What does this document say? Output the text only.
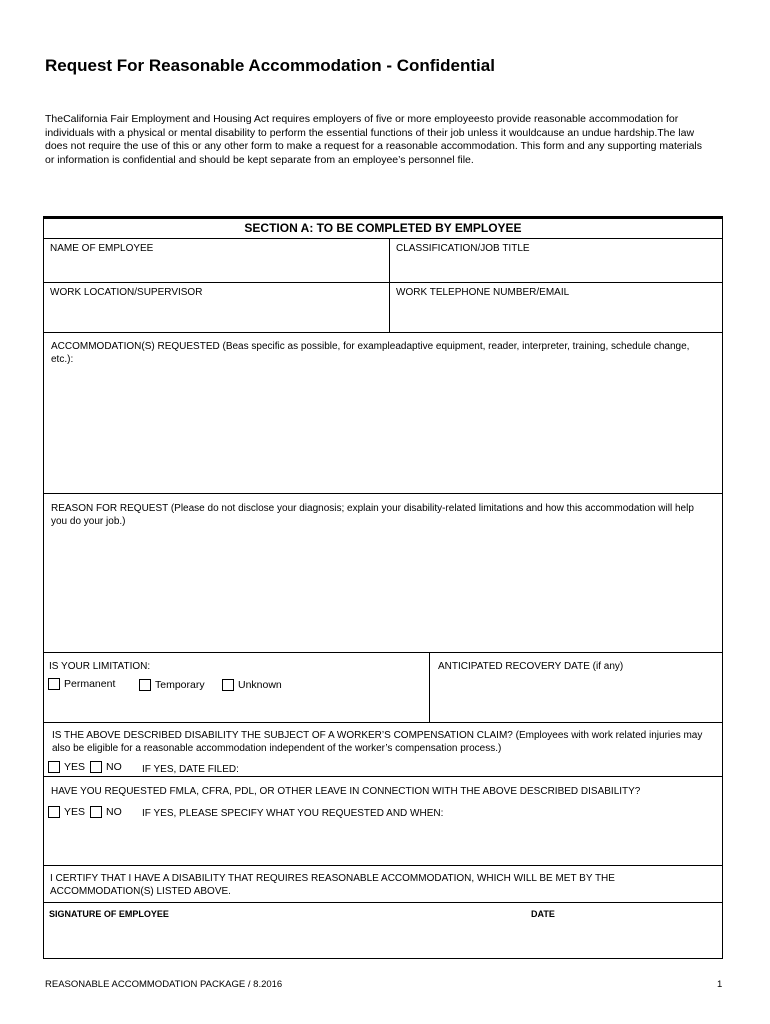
Request For Reasonable Accommodation - Confidential
TheCalifornia Fair Employment and Housing Act requires employers of five or more employeesto provide reasonable accommodation for individuals with a physical or mental disability to perform the essential functions of their job unless it wouldcause an undue hardship.The law does not require the use of this or any other form to make a request for a reasonable accommodation. This form and any supporting materials or information is confidential and should be kept separate from an employee’s personnel file.
SECTION A: TO BE COMPLETED BY EMPLOYEE
NAME OF EMPLOYEE	CLASSIFICATION/JOB TITLE
WORK LOCATION/SUPERVISOR	WORK TELEPHONE NUMBER/EMAIL
ACCOMMODATION(S) REQUESTED (Beas specific as possible, for exampleadaptive equipment, reader, interpreter, training, schedule change, etc.):
REASON FOR REQUEST (Please do not disclose your diagnosis; explain your disability-related limitations and how this accommodation will help you do your job.)
IS YOUR LIMITATION:
Permanent	Temporary	Unknown
ANTICIPATED RECOVERY DATE (if any)
IS THE ABOVE DESCRIBED DISABILITY THE SUBJECT OF A WORKER’S COMPENSATION CLAIM? (Employees with work related injuries may also be eligible for a reasonable accommodation independent of the worker’s compensation process.)
YES NO IF YES, DATE FILED:
HAVE YOU REQUESTED FMLA, CFRA, PDL, OR OTHER LEAVE IN CONNECTION WITH THE ABOVE DESCRIBED DISABILITY?
YES NO IF YES, PLEASE SPECIFY WHAT YOU REQUESTED AND WHEN:
I CERTIFY THAT I HAVE A DISABILITY THAT REQUIRES REASONABLE ACCOMMODATION, WHICH WILL BE MET BY THE ACCOMMODATION(S) LISTED ABOVE.
SIGNATURE OF EMPLOYEE	DATE
REASONABLE ACCOMMODATION PACKAGE / 8.2016	1
